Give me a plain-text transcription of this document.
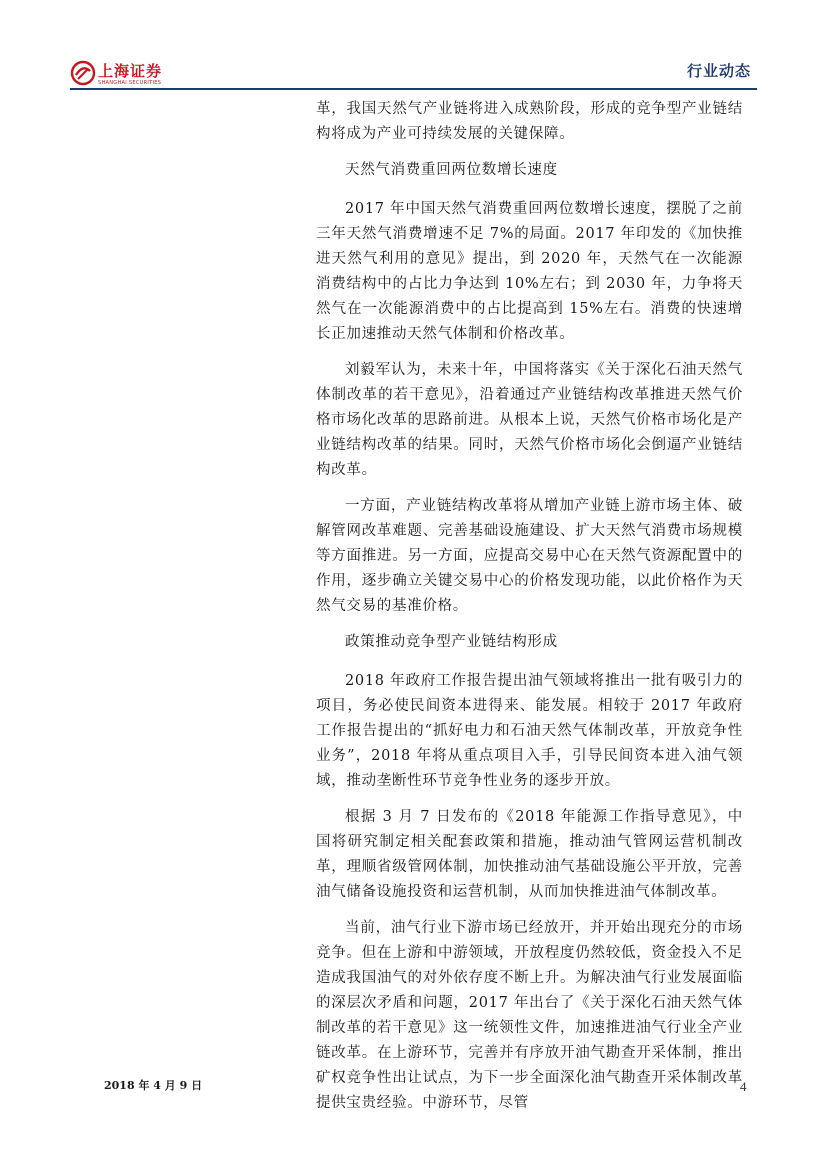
上海证券
SHANGHAI SECURITIES
行业动态

革，我国天然气产业链将进入成熟阶段，形成的竞争型产业链结构将成为产业可持续发展的关键保障。

天然气消费重回两位数增长速度

2017 年中国天然气消费重回两位数增长速度，摆脱了之前三年天然气消费增速不足 7%的局面。2017 年印发的《加快推进天然气利用的意见》提出，到 2020 年，天然气在一次能源消费结构中的占比力争达到 10%左右；到 2030 年，力争将天然气在一次能源消费中的占比提高到 15%左右。消费的快速增长正加速推动天然气体制和价格改革。

刘毅军认为，未来十年，中国将落实《关于深化石油天然气体制改革的若干意见》，沿着通过产业链结构改革推进天然气价格市场化改革的思路前进。从根本上说，天然气价格市场化是产业链结构改革的结果。同时，天然气价格市场化会倒逼产业链结构改革。

一方面，产业链结构改革将从增加产业链上游市场主体、破解管网改革难题、完善基础设施建设、扩大天然气消费市场规模等方面推进。另一方面，应提高交易中心在天然气资源配置中的作用，逐步确立关键交易中心的价格发现功能，以此价格作为天然气交易的基准价格。

政策推动竞争型产业链结构形成

2018 年政府工作报告提出油气领域将推出一批有吸引力的项目，务必使民间资本进得来、能发展。相较于 2017 年政府工作报告提出的“抓好电力和石油天然气体制改革，开放竞争性业务”，2018 年将从重点项目入手，引导民间资本进入油气领域，推动垄断性环节竞争性业务的逐步开放。

根据 3 月 7 日发布的《2018 年能源工作指导意见》，中国将研究制定相关配套政策和措施，推动油气管网运营机制改革，理顺省级管网体制，加快推动油气基础设施公平开放，完善油气储备设施投资和运营机制，从而加快推进油气体制改革。

当前，油气行业下游市场已经放开，并开始出现充分的市场竞争。但在上游和中游领域，开放程度仍然较低，资金投入不足造成我国油气的对外依存度不断上升。为解决油气行业发展面临的深层次矛盾和问题，2017 年出台了《关于深化石油天然气体制改革的若干意见》这一统领性文件，加速推进油气行业全产业链改革。在上游环节，完善并有序放开油气勘查开采体制，推出矿权竞争性出让试点，为下一步全面深化油气勘查开采体制改革提供宝贵经验。中游环节，尽管

2018 年 4 月 9 日	4
